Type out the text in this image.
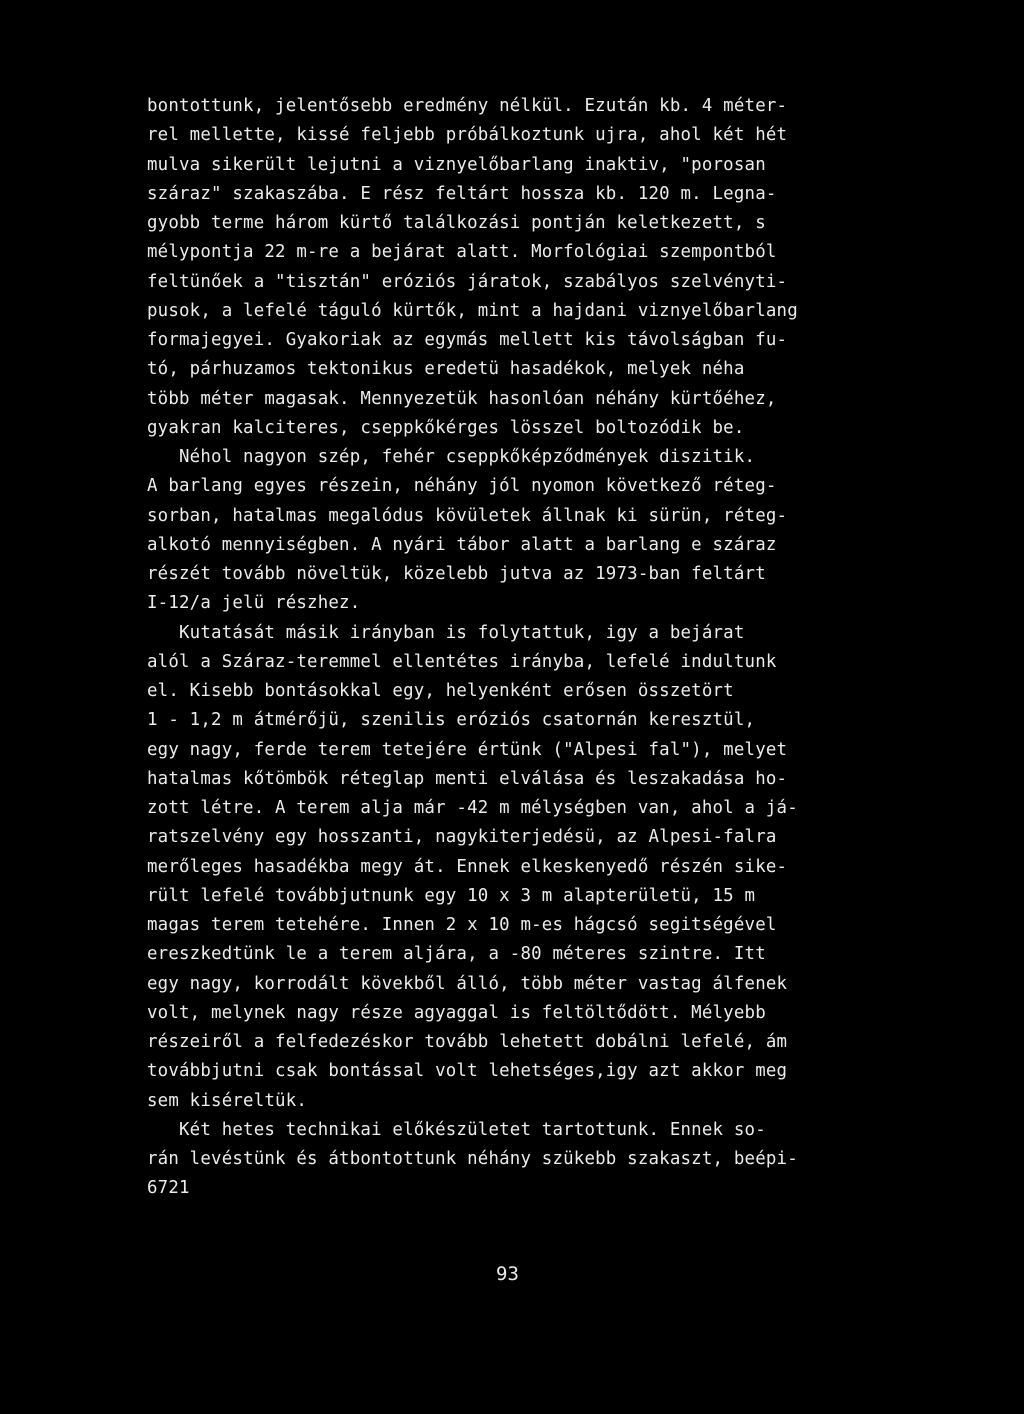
bontottunk, jelentősebb eredmény nélkül. Ezután kb. 4 méter-
rel mellette, kissé feljebb próbálkoztunk ujra, ahol két hét
mulva sikerült lejutni a viznyelőbarlang inaktiv, "porosan
száraz" szakaszába. E rész feltárt hossza kb. 120 m. Legna-
gyobb terme három kürtő találkozási pontján keletkezett, s
mélypontja 22 m-re a bejárat alatt. Morfológiai szempontból
feltünőek a "tisztán" eróziós járatok, szabályos szelvényti-
pusok, a lefelé táguló kürtők, mint a hajdani viznyelőbarlang
formajegyei. Gyakoriak az egymás mellett kis távolságban fu-
tó, párhuzamos tektonikus eredetü hasadékok, melyek néha
több méter magasak. Mennyezetük hasonlóan néhány kürtőéhez,
gyakran kalciteres, cseppkőkérges lösszel boltozódik be.
Néhol nagyon szép, fehér cseppkőképződmények diszitik.
A barlang egyes részein, néhány jól nyomon következő réteg-
sorban, hatalmas megalódus kövületek állnak ki sürün, réteg-
alkotó mennyiségben. A nyári tábor alatt a barlang e száraz
részét tovább növeltük, közelebb jutva az 1973-ban feltárt
I-12/a jelü részhez.
Kutatását másik irányban is folytattuk, igy a bejárat
alól a Száraz-teremmel ellentétes irányba, lefelé indultunk
el. Kisebb bontásokkal egy, helyenként erősen összetört
1 - 1,2 m átmérőjü, szenilis eróziós csatornán keresztül,
egy nagy, ferde terem tetejére értünk ("Alpesi fal"), melyet
hatalmas kőtömbök réteglap menti elválása és leszakadása ho-
zott létre. A terem alja már -42 m mélységben van, ahol a já-
ratszelvény egy hosszanti, nagykiterjedésü, az Alpesi-falra
merőleges hasadékba megy át. Ennek elkeskenyedő részén sike-
rült lefelé továbbjutnunk egy 10 x 3 m alapterületü, 15 m
magas terem tetehére. Innen 2 x 10 m-es hágcsó segitségével
ereszkedtünk le a terem aljára, a -80 méteres szintre. Itt
egy nagy, korrodált kövekből álló, több méter vastag álfenek
volt, melynek nagy része agyaggal is feltöltődött. Mélyebb
részeiről a felfedezéskor tovább lehetett dobálni lefelé, ám
továbbjutni csak bontással volt lehetséges,igy azt akkor meg
sem kiséreltük.
Két hetes technikai előkészületet tartottunk. Ennek so-
rán levéstünk és átbontottunk néhány szükebb szakaszt, beépi-
6721
93
